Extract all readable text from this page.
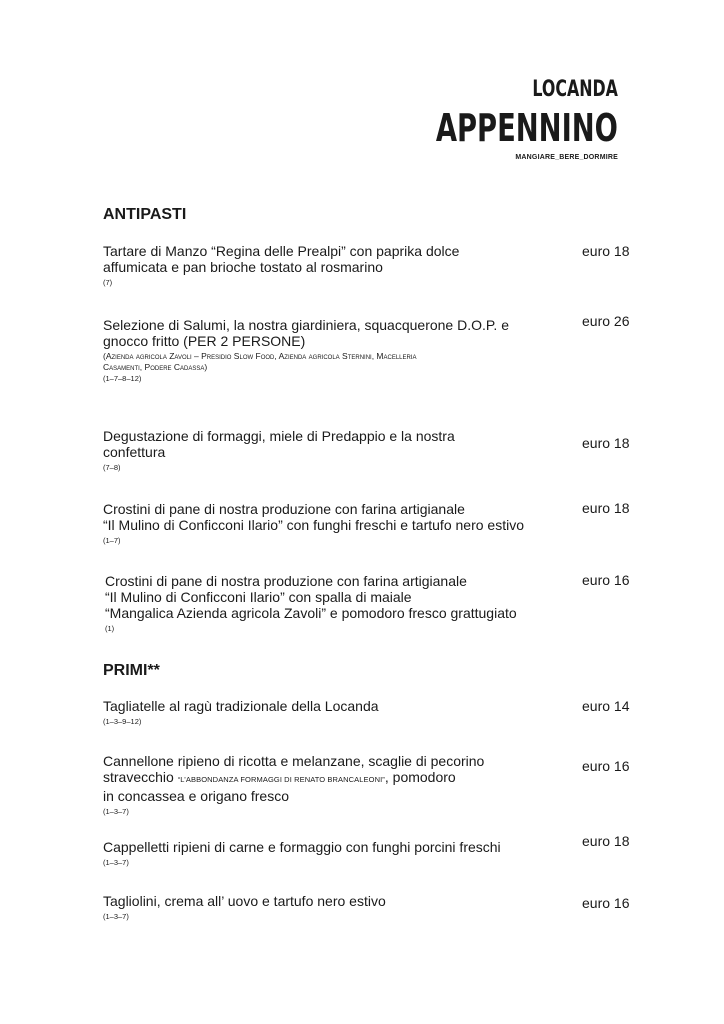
LOCANDA
APPENNINO
MANGIARE_BERE_DORMIRE
ANTIPASTI
Tartare di Manzo “Regina delle Prealpi” con paprika dolce
affumicata e pan brioche tostato al rosmarino
(7)
euro 18
Selezione di Salumi, la nostra giardiniera, squacquerone D.O.P. e
gnocco fritto (PER 2 PERSONE)
(Azienda agricola Zavoli – Presidio Slow Food, Azienda agricola Sternini, Macelleria
Casamenti, Podere Cadassa)
(1–7–8–12)
euro 26
Degustazione di formaggi, miele di Predappio e la nostra
confettura
(7–8)
euro 18
Crostini di pane di nostra produzione con farina artigianale
“Il Mulino di Conficconi Ilario” con funghi freschi e tartufo nero estivo
(1–7)
euro 18
Crostini di pane di nostra produzione con farina artigianale
“Il Mulino di Conficconi Ilario” con spalla di maiale
“Mangalica Azienda agricola Zavoli” e pomodoro fresco grattugiato
(1)
euro 16
PRIMI**
Tagliatelle al ragù tradizionale della Locanda
(1–3–9–12)
euro 14
Cannellone ripieno di ricotta e melanzane, scaglie di pecorino
stravecchio “L’ABBONDANZA FORMAGGI DI RENATO BRANCALEONI”, pomodoro
in concassea e origano fresco
(1–3–7)
euro 16
Cappelletti ripieni di carne e formaggio con funghi porcini freschi
(1–3–7)
euro 18
Tagliolini, crema all’ uovo e tartufo nero estivo
(1–3–7)
euro 16
